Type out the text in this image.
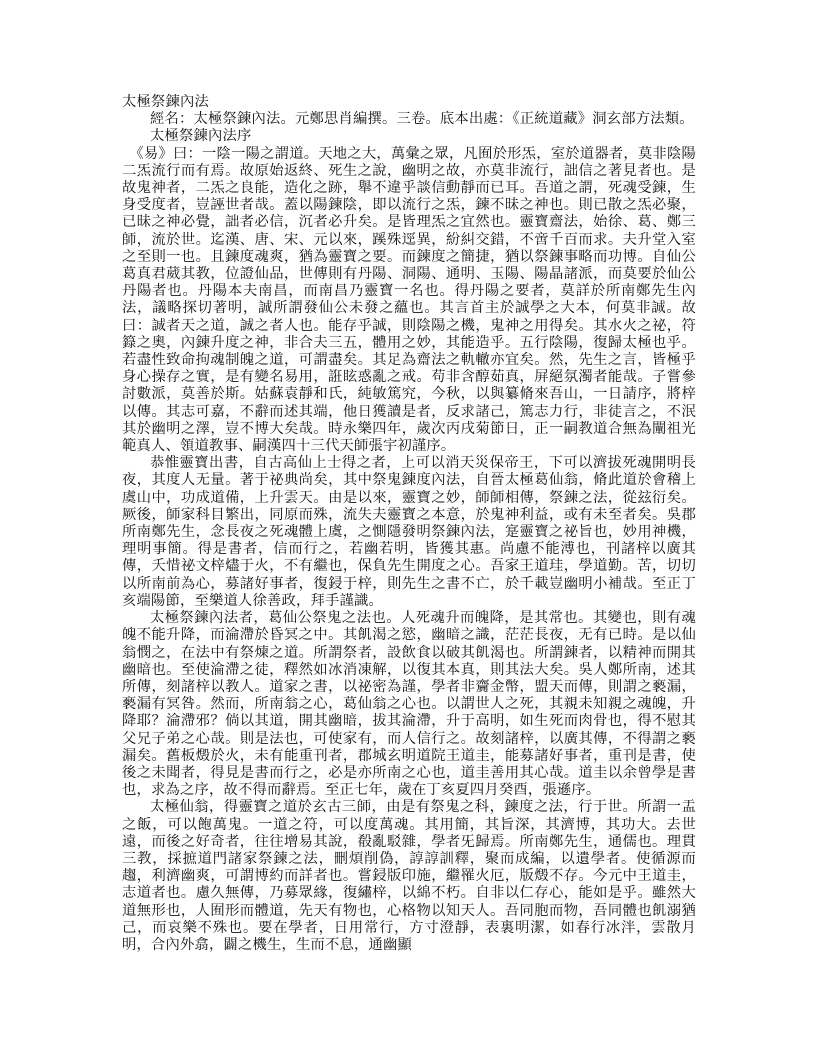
太極祭鍊內法

經名：太極祭鍊內法。元鄭思肖編撰。三卷。底本出處：《正統道藏》洞玄部方法類。

太極祭鍊內法序

　《易》曰：一陰一陽之謂道。天地之大，萬彙之眾，凡囿於形炁，室於道器者，莫非陰陽二炁流行而有焉。故原始返終、死生之說，幽明之故，亦莫非流行，詘信之著見者也。是故鬼神者，二炁之良能，造化之跡，舉不違乎談信動靜而已耳。吾道之謂，死魂受鍊，生身受度者，豈誣世者哉。蓋以陽鍊陰，即以流行之炁，鍊不昧之神也。則已散之炁必聚，已昧之神必覺，詘者必信，沉者必升矣。是皆理炁之宜然也。靈寶齋法，始徐、葛、鄭三師，流於世。迄漢、唐、宋、元以來，蹊殊逕異，紛糾交錯，不啻千百而求。夫升堂入室之至則一也。且鍊度魂爽，猶為靈寶之要。而鍊度之簡捷，猶以祭鍊事略而功博。自仙公葛真君葳其教，位證仙品，世傳則有丹陽、洞陽、通明、玉陽、陽晶諸派，而莫要於仙公丹陽者也。丹陽本夫南昌，而南昌乃靈寶一名也。得丹陽之要者，莫詳於所南鄭先生內法，議略探切著明，誠所謂發仙公未發之蘊也。其言首主於誠學之大本，何莫非誠。故曰：誠者天之道，誠之者人也。能存乎誠，則陰陽之機，鬼神之用得矣。其水火之祕，符籙之奧，內鍊升度之神，非合夫三五，體用之妙，其能造乎。五行陰陽，復歸太極也乎。若盡性致命拘魂制魄之道，可謂盡矣。其足為齋法之軌轍亦宜矣。然，先生之言，皆極乎身心操存之實，是有變名易用，誑眩惑亂之戒。苟非含醇茹真，屏絕氛濁者能哉。子嘗參討數派，莫善於斯。姑蘇袁靜和氏，純敏篤究，今秋，以與纂脩來吾山，一日請序，將梓以傳。其志可嘉，不辭而述其端，他日獲讀是者，反求諸己，篤志力行，非徒言之，不泯其於幽明之澤，豈不博大矣哉。時永樂四年，歲次丙戌菊節日，正一嗣教道合無為闡祖光範真人、領道教事、嗣漢四十三代天師張宇初謹序。

恭惟靈寶出書，自古高仙上士得之者，上可以消天災保帝王，下可以濟拔死魂開明長夜，其度人无量。著于祕典尚矣，其中祭鬼鍊度內法，自晉太極葛仙翁，脩此道於會稽上虞山中，功成道備，上升雲天。由是以來，靈寶之妙，師師相傳，祭鍊之法，從玆衍矣。厥後，師家科目繁出，同原而殊，流失夫靈寶之本意，於鬼神利益，或有未至者矣。吳郡所南鄭先生，念長夜之死魂體上虞，之惻隱發明祭鍊內法，寔靈寶之祕旨也，妙用神機，理明事簡。得是書者，信而行之，若幽若明，皆獲其惠。尚慮不能溥也，刊諸梓以廣其傳，夭惜祕文梓燼于火，不有繼也，保負先生開度之心。吾家王道珪，學道勤。苦，切切以所南前為心，募諸好事者，復鋟于梓，則先生之書不亡，於千載豈幽明小補哉。至正丁亥端陽節，至樂道人徐善政，拜手謹識。

太極祭鍊內法者，葛仙公祭鬼之法也。人死魂升而魄降，是其常也。其變也，則有魂魄不能升降，而淪滯於昏冥之中。其飢渴之慾，幽暗之識，茫茫長夜，无有已時。是以仙翁憫之，在法中有祭煉之道。所謂祭者，設飲食以破其飢渴也。所謂鍊者，以精神而開其幽暗也。至使淪滯之徒，釋然如冰消凍解，以復其本真，則其法大矣。吳人鄭所南，述其所傳，刻諸梓以教人。道家之書，以祕密為謹，學者非齎金幣，盟天而傳，則謂之褻漏，褻漏有冥咎。然而，所南翁之心，葛仙翁之心也。以謂世人之死，其親未知親之魂魄，升降耶？淪滯邪？倘以其道，開其幽暗，拔其淪滯，升于高明，如生死而肉骨也，得不慰其父兄子弟之心哉。則是法也，可使家有，而人信行之。故刻諸梓，以廣其傳，不得謂之褻漏矣。舊板燬於火，未有能重刊者，郡城玄明道院王道圭，能募諸好事者，重刊是書，使後之未聞者，得見是書而行之，必是亦所南之心也，道圭善用其心哉。道圭以余曾學是書也，求為之序，故不得而辭焉。至正七年，歲在丁亥夏四月癸酉，張遜序。

太極仙翁，得靈寶之道於玄古三師，由是有祭鬼之科，鍊度之法，行于世。所謂一盂之飯，可以飽萬鬼。一道之符，可以度萬魂。其用簡，其旨深，其濟博，其功大。去世遠，而後之好奇者，往往增易其說，殽亂駁雜，學者旡歸焉。所南鄭先生，通儒也。理貫三教，採摭道門諸家祭鍊之法，刪煩削偽，諄諄訓釋，聚而成編，以遺學者。使循源而趨，利濟幽爽，可謂博約而詳者也。嘗鋟版印施，繼罹火厄，版燬不存。今元中王道圭，志道者也。慮久無傳，乃募眾緣，復繡梓，以綿不朽。自非以仁存心，能如是乎。雖然大道無形也，人囿形而體道，先天有物也，心格物以知天人。吾同胞而物，吾同體也飢溺猶己，而哀樂不殊也。要在學者，日用常行，方寸澄靜，表裏明潔，如春行冰泮，雲散月明，合內外翕，闢之機生，生而不息，通幽顯
